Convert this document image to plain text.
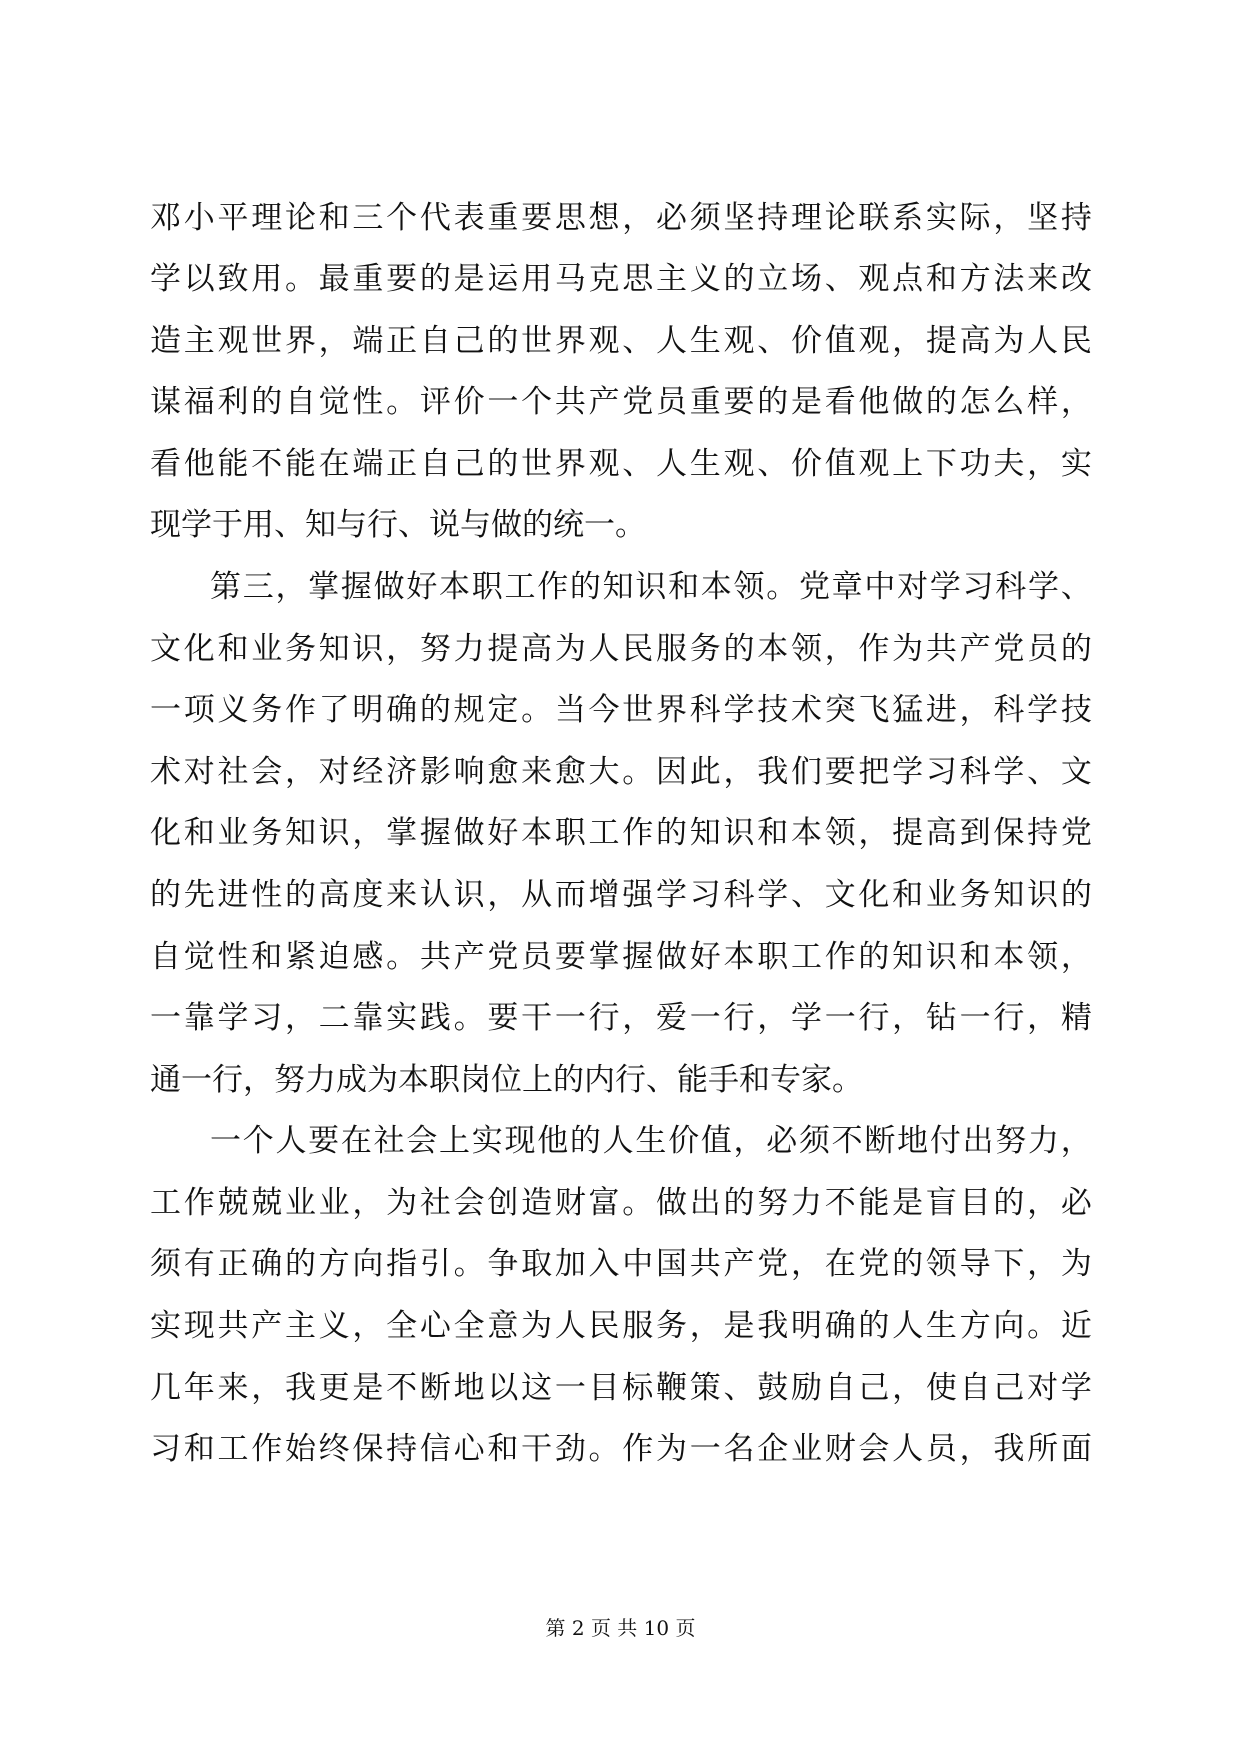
邓 小 平 理 论 和 三 个 代 表 重 要 思 想 ， 必 须 坚 持 理 论 联 系 实 际 ， 坚 持
学 以 致 用 。 最 重 要 的 是 运 用 马 克 思 主 义 的 立 场 、 观 点 和 方 法 来 改
造 主 观 世 界 ， 端 正 自 己 的 世 界 观 、 人 生 观 、 价 值 观 ， 提 高 为 人 民
谋 福 利 的 自 觉 性 。 评 价 一 个 共 产 党 员 重 要 的 是 看 他 做 的 怎 么 样 ，
看 他 能 不 能 在 端 正 自 己 的 世 界 观 、 人 生 观 、 价 值 观 上 下 功 夫 ， 实
现学于用、知与行、说与做的统一。
第 三 ， 掌 握 做 好 本 职 工 作 的 知 识 和 本 领 。 党 章 中 对 学 习 科 学 、
文 化 和 业 务 知 识 ， 努 力 提 高 为 人 民 服 务 的 本 领 ， 作 为 共 产 党 员 的
一 项 义 务 作 了 明 确 的 规 定 。 当 今 世 界 科 学 技 术 突 飞 猛 进 ， 科 学 技
术 对 社 会 ， 对 经 济 影 响 愈 来 愈 大 。 因 此 ， 我 们 要 把 学 习 科 学 、 文
化 和 业 务 知 识 ， 掌 握 做 好 本 职 工 作 的 知 识 和 本 领 ， 提 高 到 保 持 党
的 先 进 性 的 高 度 来 认 识 ， 从 而 增 强 学 习 科 学 、 文 化 和 业 务 知 识 的
自 觉 性 和 紧 迫 感 。 共 产 党 员 要 掌 握 做 好 本 职 工 作 的 知 识 和 本 领 ，
一 靠 学 习 ， 二 靠 实 践 。 要 干 一 行 ， 爱 一 行 ， 学 一 行 ， 钻 一 行 ， 精
通一行，努力成为本职岗位上的内行、能手和专家。
一 个 人 要 在 社 会 上 实 现 他 的 人 生 价 值 ， 必 须 不 断 地 付 出 努 力 ，
工 作 兢 兢 业 业 ， 为 社 会 创 造 财 富 。 做 出 的 努 力 不 能 是 盲 目 的 ， 必
须 有 正 确 的 方 向 指 引 。 争 取 加 入 中 国 共 产 党 ， 在 党 的 领 导 下 ， 为
实 现 共 产 主 义 ， 全 心 全 意 为 人 民 服 务 ， 是 我 明 确 的 人 生 方 向 。 近
几 年 来 ， 我 更 是 不 断 地 以 这 一 目 标 鞭 策 、 鼓 励 自 己 ， 使 自 己 对 学
习 和 工 作 始 终 保 持 信 心 和 干 劲 。 作 为 一 名 企 业 财 会 人 员 ， 我 所 面
第 2 页 共 10 页
